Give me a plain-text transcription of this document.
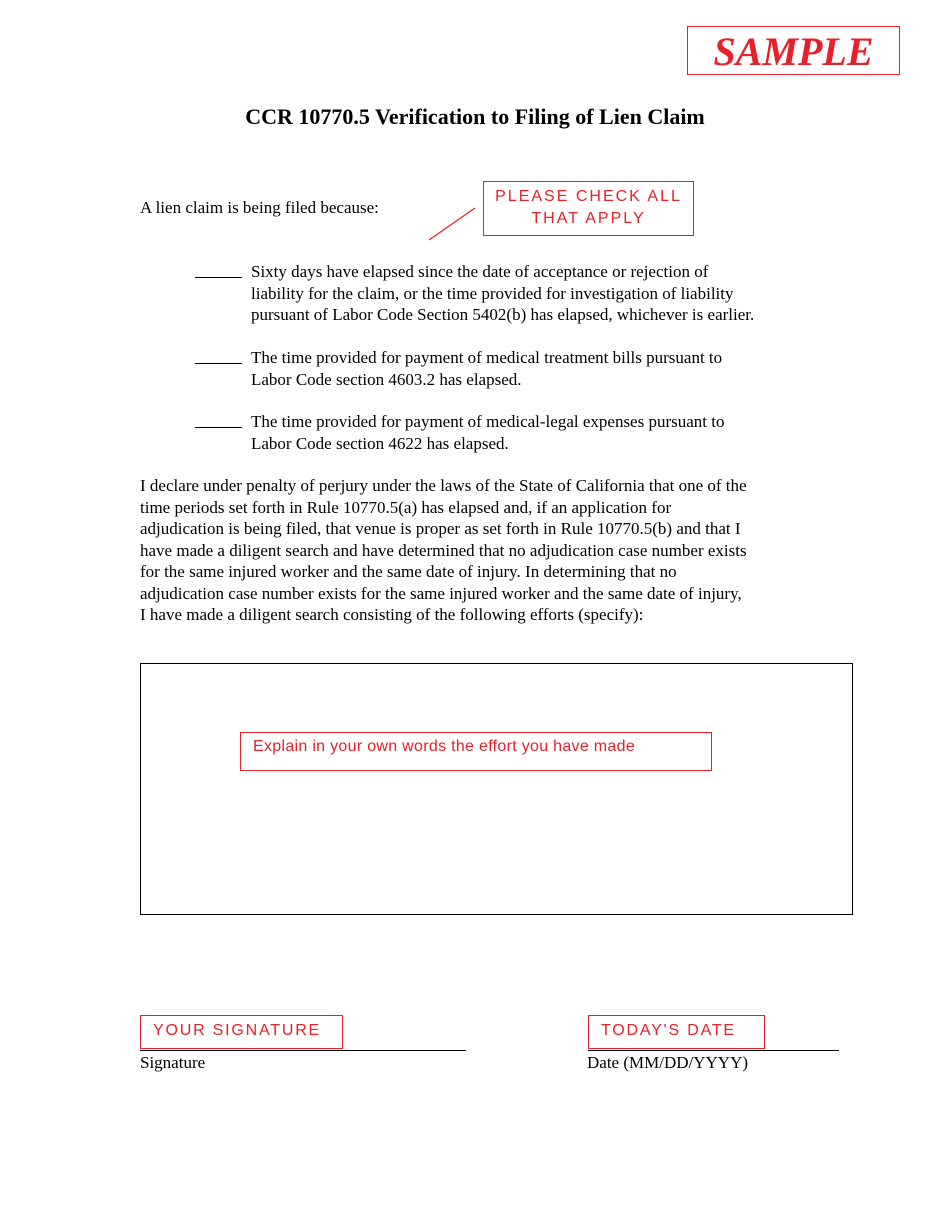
SAMPLE
CCR 10770.5 Verification to Filing of Lien Claim
A lien claim is being filed because:
PLEASE CHECK ALL
THAT APPLY
Sixty days have elapsed since the date of acceptance or rejection of
liability for the claim, or the time provided for investigation of liability
pursuant of Labor Code Section 5402(b) has elapsed, whichever is earlier.
The time provided for payment of medical treatment bills pursuant to
Labor Code section 4603.2 has elapsed.
The time provided for payment of medical-legal expenses pursuant to
Labor Code section 4622 has elapsed.
I declare under penalty of perjury under the laws of the State of California that one of the
time periods set forth in Rule 10770.5(a) has elapsed and, if an application for
adjudication is being filed, that venue is proper as set forth in Rule 10770.5(b) and that I
have made a diligent search and have determined that no adjudication case number exists
for the same injured worker and the same date of injury. In determining that no
adjudication case number exists for the same injured worker and the same date of injury,
I have made a diligent search consisting of the following efforts (specify):
Explain in your own words the effort you have made
YOUR SIGNATURE
Signature
TODAY'S DATE
Date (MM/DD/YYYY)
